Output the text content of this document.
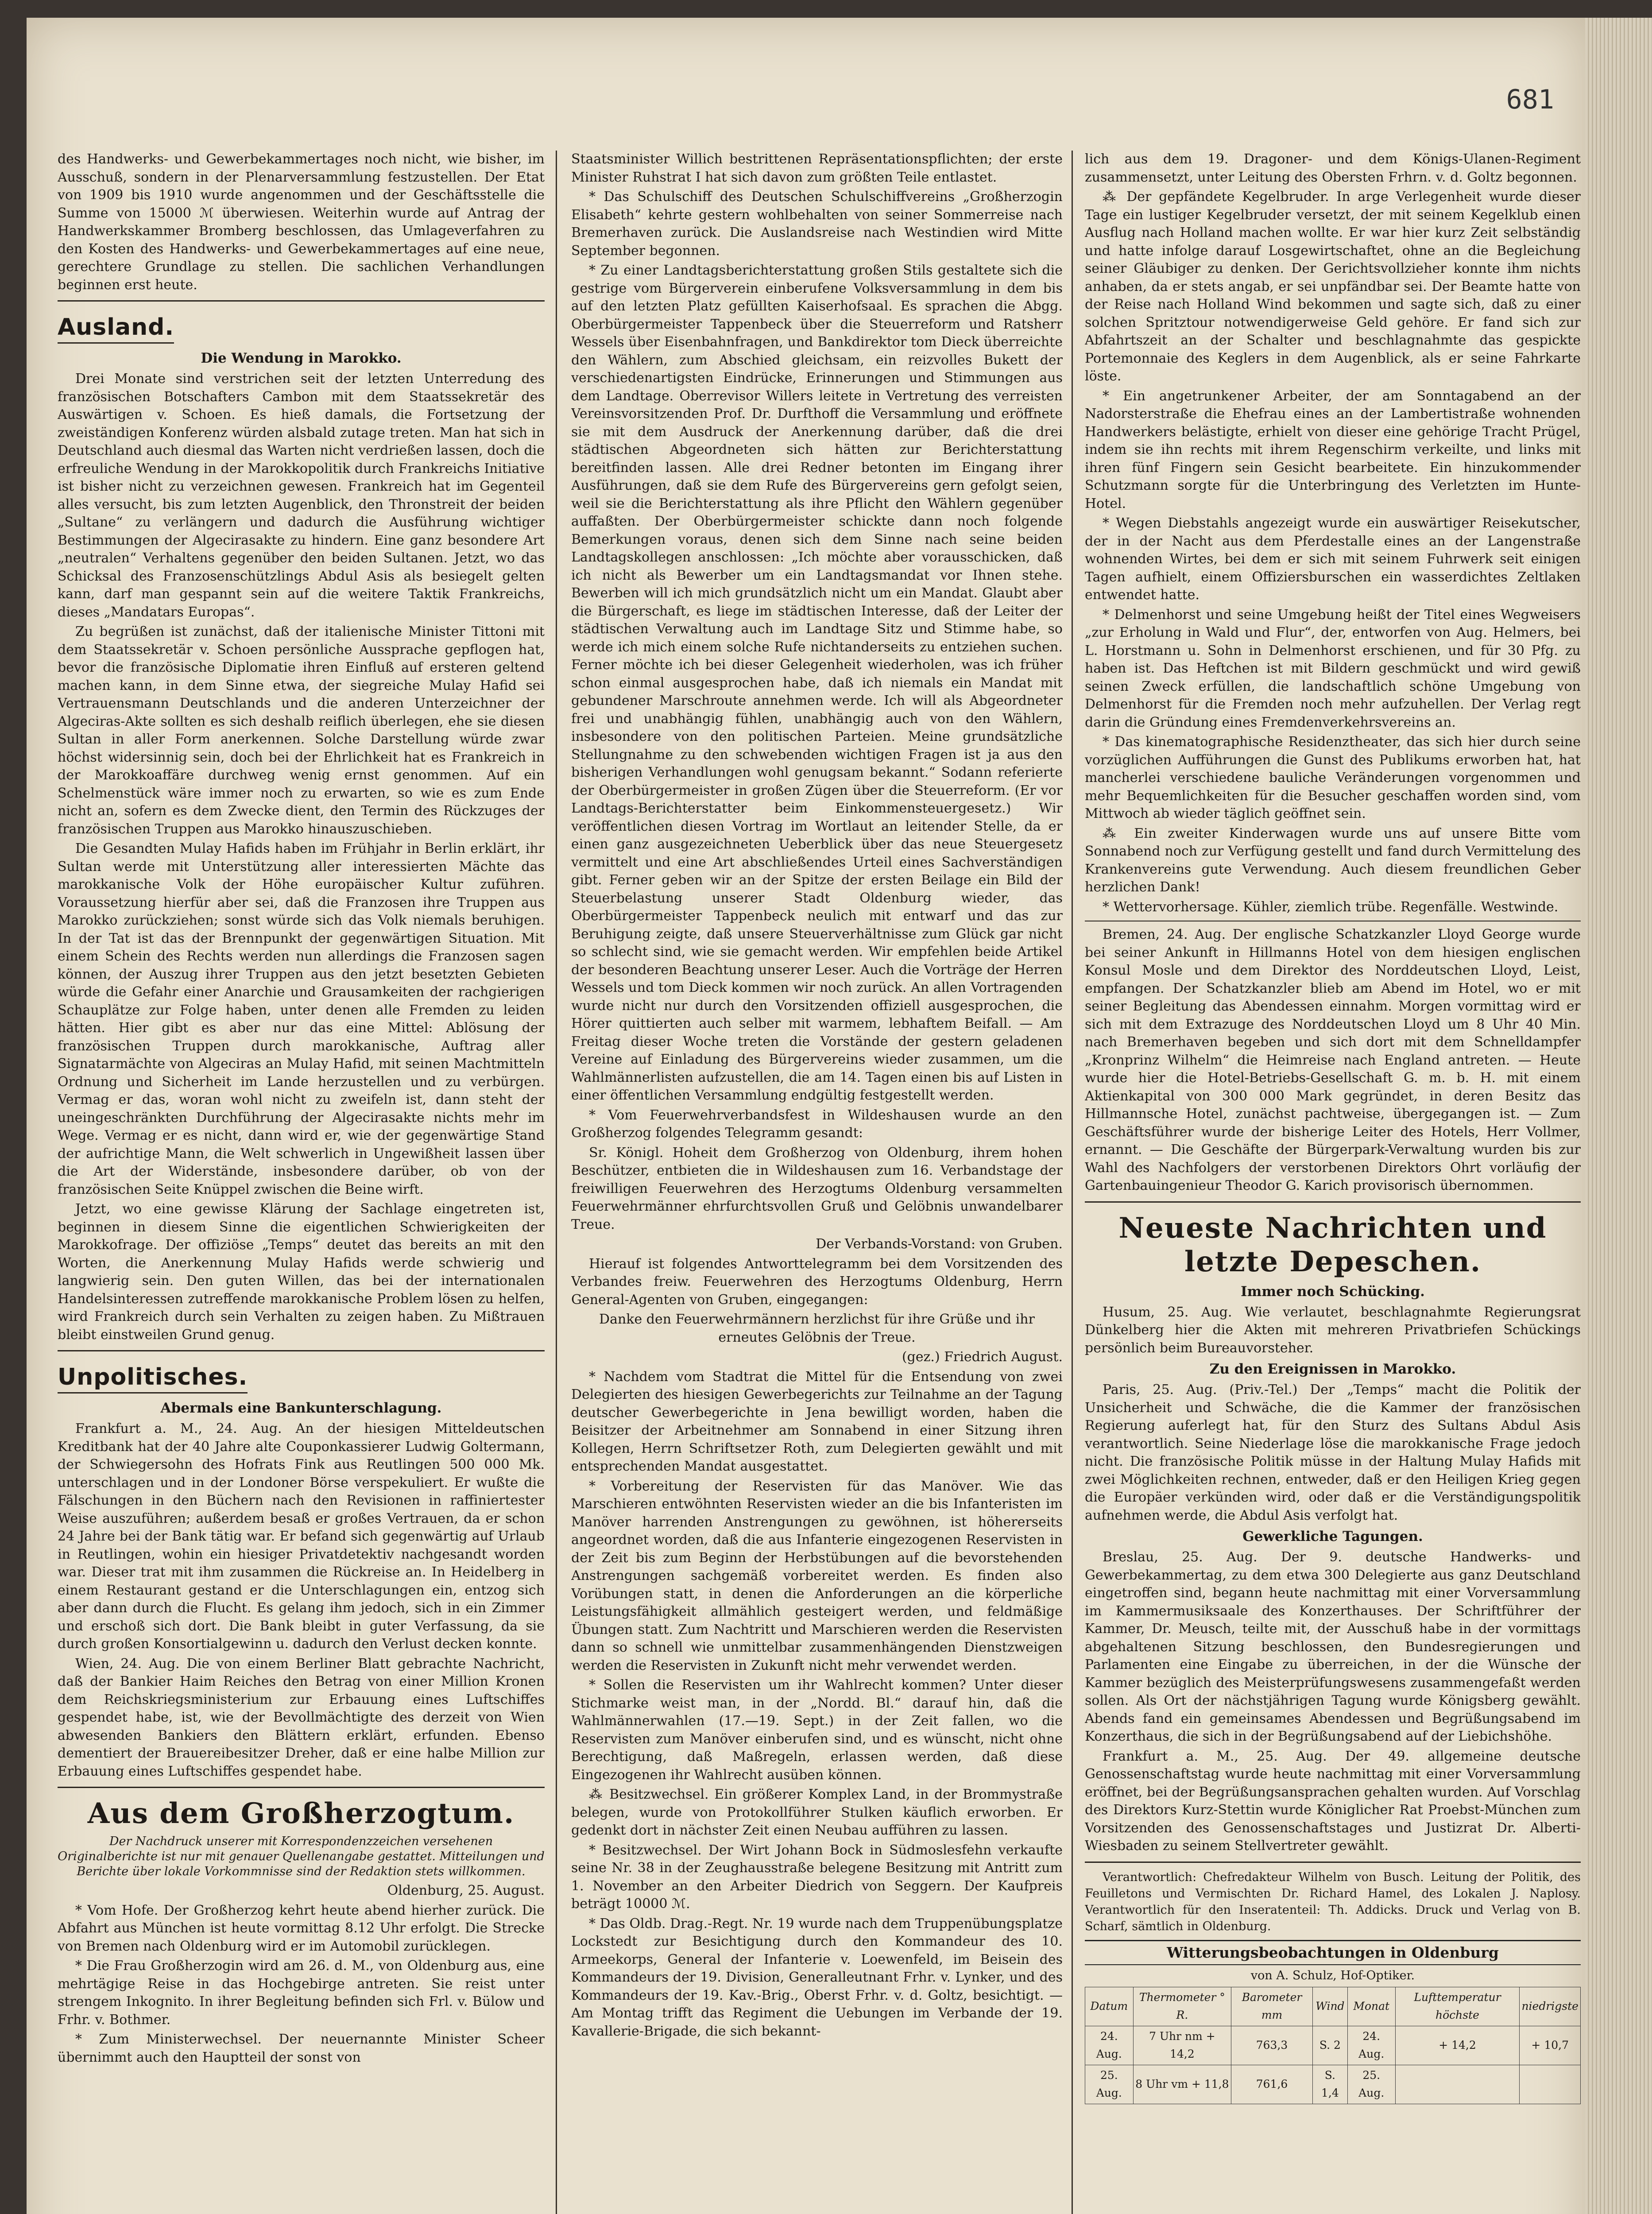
681

des Handwerks- und Gewerbekammertages noch nicht, wie bisher, im Ausschuß, sondern in der Plenarversammlung festzustellen. Der Etat von 1909 bis 1910 wurde angenommen und der Geschäftsstelle die Summe von 15000 ℳ überwiesen. Weiterhin wurde auf Antrag der Handwerkskammer Bromberg beschlossen, das Umlageverfahren zu den Kosten des Handwerks- und Gewerbekammertages auf eine neue, gerechtere Grundlage zu stellen. Die sachlichen Verhandlungen beginnen erst heute.

Ausland.
Die Wendung in Marokko.

Drei Monate sind verstrichen seit der letzten Unterredung des französischen Botschafters Cambon mit dem Staatssekretär des Auswärtigen v. Schoen. Es hieß damals, die Fortsetzung der zweiständigen Konferenz würden alsbald zutage treten. Man hat sich in Deutschland auch diesmal das Warten nicht verdrießen lassen, doch die erfreuliche Wendung in der Marokkopolitik durch Frankreichs Initiative ist bisher nicht zu verzeichnen gewesen. Frankreich hat im Gegenteil alles versucht, bis zum letzten Augenblick, den Thronstreit der beiden „Sultane“ zu verlängern und dadurch die Ausführung wichtiger Bestimmungen der Algecirasakte zu hindern. Eine ganz besondere Art „neutralen“ Verhaltens gegenüber den beiden Sultanen. Jetzt, wo das Schicksal des Franzosenschützlings Abdul Asis als besiegelt gelten kann, darf man gespannt sein auf die weitere Taktik Frankreichs, dieses „Mandatars Europas“.

Zu begrüßen ist zunächst, daß der italienische Minister Tittoni mit dem Staatssekretär v. Schoen persönliche Aussprache gepflogen hat, bevor die französische Diplomatie ihren Einfluß auf ersteren geltend machen kann, in dem Sinne etwa, der siegreiche Mulay Hafid sei Vertrauensmann Deutschlands und die anderen Unterzeichner der Algeciras-Akte sollten es sich deshalb reiflich überlegen, ehe sie diesen Sultan in aller Form anerkennen. Solche Darstellung würde zwar höchst widersinnig sein, doch bei der Ehrlichkeit hat es Frankreich in der Marokkoaffäre durchweg wenig ernst genommen. Auf ein Schelmenstück wäre immer noch zu erwarten, so wie es zum Ende nicht an, sofern es dem Zwecke dient, den Termin des Rückzuges der französischen Truppen aus Marokko hinauszuschieben.

Die Gesandten Mulay Hafids haben im Frühjahr in Berlin erklärt, ihr Sultan werde mit Unterstützung aller interessierten Mächte das marokkanische Volk der Höhe europäischer Kultur zuführen. Voraussetzung hierfür aber sei, daß die Franzosen ihre Truppen aus Marokko zurückziehen; sonst würde sich das Volk niemals beruhigen. In der Tat ist das der Brennpunkt der gegenwärtigen Situation. Mit einem Schein des Rechts werden nun allerdings die Franzosen sagen können, der Auszug ihrer Truppen aus den jetzt besetzten Gebieten würde die Gefahr einer Anarchie und Grausamkeiten der rachgierigen Schauplätze zur Folge haben, unter denen alle Fremden zu leiden hätten. Hier gibt es aber nur das eine Mittel: Ablösung der französischen Truppen durch marokkanische, Auftrag aller Signatarmächte von Algeciras an Mulay Hafid, mit seinen Machtmitteln Ordnung und Sicherheit im Lande herzustellen und zu verbürgen. Vermag er das, woran wohl nicht zu zweifeln ist, dann steht der uneingeschränkten Durchführung der Algecirasakte nichts mehr im Wege. Vermag er es nicht, dann wird er, wie der gegenwärtige Stand der aufrichtige Mann, die Welt schwerlich in Ungewißheit lassen über die Art der Widerstände, insbesondere darüber, ob von der französischen Seite Knüppel zwischen die Beine wirft.

Jetzt, wo eine gewisse Klärung der Sachlage eingetreten ist, beginnen in diesem Sinne die eigentlichen Schwierigkeiten der Marokkofrage. Der offiziöse „Temps“ deutet das bereits an mit den Worten, die Anerkennung Mulay Hafids werde schwierig und langwierig sein. Den guten Willen, das bei der internationalen Handelsinteressen zutreffende marokkanische Problem lösen zu helfen, wird Frankreich durch sein Verhalten zu zeigen haben. Zu Mißtrauen bleibt einstweilen Grund genug.

Unpolitisches.
Abermals eine Bankunterschlagung.

Frankfurt a. M., 24. Aug. An der hiesigen Mitteldeutschen Kreditbank hat der 40 Jahre alte Couponkassierer Ludwig Goltermann, der Schwiegersohn des Hofrats Fink aus Reutlingen 500 000 Mk. unterschlagen und in der Londoner Börse verspekuliert. Er wußte die Fälschungen in den Büchern nach den Revisionen in raffiniertester Weise auszuführen; außerdem besaß er großes Vertrauen, da er schon 24 Jahre bei der Bank tätig war. Er befand sich gegenwärtig auf Urlaub in Reutlingen, wohin ein hiesiger Privatdetektiv nachgesandt worden war. Dieser trat mit ihm zusammen die Rückreise an. In Heidelberg in einem Restaurant gestand er die Unterschlagungen ein, entzog sich aber dann durch die Flucht. Es gelang ihm jedoch, sich in ein Zimmer und erschoß sich dort. Die Bank bleibt in guter Verfassung, da sie durch großen Konsortialgewinn u. dadurch den Verlust decken konnte.

Wien, 24. Aug. Die von einem Berliner Blatt gebrachte Nachricht, daß der Bankier Haim Reiches den Betrag von einer Million Kronen dem Reichskriegsministerium zur Erbauung eines Luftschiffes gespendet habe, ist, wie der Bevollmächtigte des derzeit von Wien abwesenden Bankiers den Blättern erklärt, erfunden. Ebenso dementiert der Brauereibesitzer Dreher, daß er eine halbe Million zur Erbauung eines Luftschiffes gespendet habe.

Aus dem Großherzogtum.
Der Nachdruck unserer mit Korrespondenzzeichen versehenen Originalberichte ist nur mit genauer Quellenangabe gestattet. Mitteilungen und Berichte über lokale Vorkommnisse sind der Redaktion stets willkommen.

Oldenburg, 25. August.

* Vom Hofe. Der Großherzog kehrt heute abend hierher zurück. Die Abfahrt aus München ist heute vormittag 8.12 Uhr erfolgt. Die Strecke von Bremen nach Oldenburg wird er im Automobil zurücklegen.

* Die Frau Großherzogin wird am 26. d. M., von Oldenburg aus, eine mehrtägige Reise in das Hochgebirge antreten. Sie reist unter strengem Inkognito. In ihrer Begleitung befinden sich Frl. v. Bülow und Frhr. v. Bothmer.

* Zum Ministerwechsel. Der neuernannte Minister Scheer übernimmt auch den Hauptteil der sonst von

Staatsminister Willich bestrittenen Repräsentationspflichten; der erste Minister Ruhstrat I hat sich davon zum größten Teile entlastet.

* Das Schulschiff des Deutschen Schulschiffvereins „Großherzogin Elisabeth“ kehrte gestern wohlbehalten von seiner Sommerreise nach Bremerhaven zurück. Die Auslandsreise nach Westindien wird Mitte September begonnen.

* Zu einer Landtagsberichterstattung großen Stils gestaltete sich die gestrige vom Bürgerverein einberufene Volksversammlung in dem bis auf den letzten Platz gefüllten Kaiserhofsaal. Es sprachen die Abgg. Oberbürgermeister Tappenbeck über die Steuerreform und Ratsherr Wessels über Eisenbahnfragen, und Bankdirektor tom Dieck überreichte den Wählern, zum Abschied gleichsam, ein reizvolles Bukett der verschiedenartigsten Eindrücke, Erinnerungen und Stimmungen aus dem Landtage. Oberrevisor Willers leitete in Vertretung des verreisten Vereinsvorsitzenden Prof. Dr. Durfthoff die Versammlung und eröffnete sie mit dem Ausdruck der Anerkennung darüber, daß die drei städtischen Abgeordneten sich hätten zur Berichterstattung bereitfinden lassen. Alle drei Redner betonten im Eingang ihrer Ausführungen, daß sie dem Rufe des Bürgervereins gern gefolgt seien, weil sie die Berichterstattung als ihre Pflicht den Wählern gegenüber auffaßten. Der Oberbürgermeister schickte dann noch folgende Bemerkungen voraus, denen sich dem Sinne nach seine beiden Landtagskollegen anschlossen: „Ich möchte aber vorausschicken, daß ich nicht als Bewerber um ein Landtagsmandat vor Ihnen stehe. Bewerben will ich mich grundsätzlich nicht um ein Mandat. Glaubt aber die Bürgerschaft, es liege im städtischen Interesse, daß der Leiter der städtischen Verwaltung auch im Landtage Sitz und Stimme habe, so werde ich mich einem solche Rufe nichtanderseits zu entziehen suchen. Ferner möchte ich bei dieser Gelegenheit wiederholen, was ich früher schon einmal ausgesprochen habe, daß ich niemals ein Mandat mit gebundener Marschroute annehmen werde. Ich will als Abgeordneter frei und unabhängig fühlen, unabhängig auch von den Wählern, insbesondere von den politischen Parteien. Meine grundsätzliche Stellungnahme zu den schwebenden wichtigen Fragen ist ja aus den bisherigen Verhandlungen wohl genugsam bekannt.“ Sodann referierte der Oberbürgermeister in großen Zügen über die Steuerreform. (Er vor Landtags-Berichterstatter beim Einkommensteuergesetz.) Wir veröffentlichen diesen Vortrag im Wortlaut an leitender Stelle, da er einen ganz ausgezeichneten Ueberblick über das neue Steuergesetz vermittelt und eine Art abschließendes Urteil eines Sachverständigen gibt. Ferner geben wir an der Spitze der ersten Beilage ein Bild der Steuerbelastung unserer Stadt Oldenburg wieder, das Oberbürgermeister Tappenbeck neulich mit entwarf und das zur Beruhigung zeigte, daß unsere Steuerverhältnisse zum Glück gar nicht so schlecht sind, wie sie gemacht werden. Wir empfehlen beide Artikel der besonderen Beachtung unserer Leser. Auch die Vorträge der Herren Wessels und tom Dieck kommen wir noch zurück. An allen Vortragenden wurde nicht nur durch den Vorsitzenden offiziell ausgesprochen, die Hörer quittierten auch selber mit warmem, lebhaftem Beifall. — Am Freitag dieser Woche treten die Vorstände der gestern geladenen Vereine auf Einladung des Bürgervereins wieder zusammen, um die Wahlmännerlisten aufzustellen, die am 14. Tagen einen bis auf Listen in einer öffentlichen Versammlung endgültig festgestellt werden.

* Vom Feuerwehrverbandsfest in Wildeshausen wurde an den Großherzog folgendes Telegramm gesandt:

Sr. Königl. Hoheit dem Großherzog von Oldenburg, ihrem hohen Beschützer, entbieten die in Wildeshausen zum 16. Verbandstage der freiwilligen Feuerwehren des Herzogtums Oldenburg versammelten Feuerwehrmänner ehrfurchtsvollen Gruß und Gelöbnis unwandelbarer Treue.

Der Verbands-Vorstand: von Gruben.

Hierauf ist folgendes Antworttelegramm bei dem Vorsitzenden des Verbandes freiw. Feuerwehren des Herzogtums Oldenburg, Herrn General-Agenten von Gruben, eingegangen:

Danke den Feuerwehrmännern herzlichst für ihre Grüße und ihr erneutes Gelöbnis der Treue.

(gez.) Friedrich August.

* Nachdem vom Stadtrat die Mittel für die Entsendung von zwei Delegierten des hiesigen Gewerbegerichts zur Teilnahme an der Tagung deutscher Gewerbegerichte in Jena bewilligt worden, haben die Beisitzer der Arbeitnehmer am Sonnabend in einer Sitzung ihren Kollegen, Herrn Schriftsetzer Roth, zum Delegierten gewählt und mit entsprechenden Mandat ausgestattet.

* Vorbereitung der Reservisten für das Manöver. Wie das Marschieren entwöhnten Reservisten wieder an die bis Infanteristen im Manöver harrenden Anstrengungen zu gewöhnen, ist höhererseits angeordnet worden, daß die aus Infanterie eingezogenen Reservisten in der Zeit bis zum Beginn der Herbstübungen auf die bevorstehenden Anstrengungen sachgemäß vorbereitet werden. Es finden also Vorübungen statt, in denen die Anforderungen an die körperliche Leistungsfähigkeit allmählich gesteigert werden, und feldmäßige Übungen statt. Zum Nachtritt und Marschieren werden die Reservisten dann so schnell wie unmittelbar zusammenhängenden Dienstzweigen werden die Reservisten in Zukunft nicht mehr verwendet werden.

* Sollen die Reservisten um ihr Wahlrecht kommen? Unter dieser Stichmarke weist man, in der „Nordd. Bl.“ darauf hin, daß die Wahlmännerwahlen (17.—19. Sept.) in der Zeit fallen, wo die Reservisten zum Manöver einberufen sind, und es wünscht, nicht ohne Berechtigung, daß Maßregeln, erlassen werden, daß diese Eingezogenen ihr Wahlrecht ausüben können.

⁂ Besitzwechsel. Ein größerer Komplex Land, in der Brommystraße belegen, wurde von Protokollführer Stulken käuflich erworben. Er gedenkt dort in nächster Zeit einen Neubau aufführen zu lassen.

* Besitzwechsel. Der Wirt Johann Bock in Südmoslesfehn verkaufte seine Nr. 38 in der Zeughausstraße belegene Besitzung mit Antritt zum 1. November an den Arbeiter Diedrich von Seggern. Der Kaufpreis beträgt 10000 ℳ.

* Das Oldb. Drag.-Regt. Nr. 19 wurde nach dem Truppenübungsplatze Lockstedt zur Besichtigung durch den Kommandeur des 10. Armeekorps, General der Infanterie v. Loewenfeld, im Beisein des Kommandeurs der 19. Division, Generalleutnant Frhr. v. Lynker, und des Kommandeurs der 19. Kav.-Brig., Oberst Frhr. v. d. Goltz, besichtigt. — Am Montag trifft das Regiment die Uebungen im Verbande der 19. Kavallerie-Brigade, die sich bekannt-

lich aus dem 19. Dragoner- und dem Königs-Ulanen-Regiment zusammensetzt, unter Leitung des Obersten Frhrn. v. d. Goltz begonnen.

⁂ Der gepfändete Kegelbruder. In arge Verlegenheit wurde dieser Tage ein lustiger Kegelbruder versetzt, der mit seinem Kegelklub einen Ausflug nach Holland machen wollte. Er war hier kurz Zeit selbständig und hatte infolge darauf Losgewirtschaftet, ohne an die Begleichung seiner Gläubiger zu denken. Der Gerichtsvollzieher konnte ihm nichts anhaben, da er stets angab, er sei unpfändbar sei. Der Beamte hatte von der Reise nach Holland Wind bekommen und sagte sich, daß zu einer solchen Spritztour notwendigerweise Geld gehöre. Er fand sich zur Abfahrtszeit an der Schalter und beschlagnahmte das gespickte Portemonnaie des Keglers in dem Augenblick, als er seine Fahrkarte löste.

* Ein angetrunkener Arbeiter, der am Sonntagabend an der Nadorsterstraße die Ehefrau eines an der Lambertistraße wohnenden Handwerkers belästigte, erhielt von dieser eine gehörige Tracht Prügel, indem sie ihn rechts mit ihrem Regenschirm verkeilte, und links mit ihren fünf Fingern sein Gesicht bearbeitete. Ein hinzukommender Schutzmann sorgte für die Unterbringung des Verletzten im Hunte-Hotel.

* Wegen Diebstahls angezeigt wurde ein auswärtiger Reisekutscher, der in der Nacht aus dem Pferdestalle eines an der Langenstraße wohnenden Wirtes, bei dem er sich mit seinem Fuhrwerk seit einigen Tagen aufhielt, einem Offiziersburschen ein wasserdichtes Zeltlaken entwendet hatte.

* Delmenhorst und seine Umgebung heißt der Titel eines Wegweisers „zur Erholung in Wald und Flur“, der, entworfen von Aug. Helmers, bei L. Horstmann u. Sohn in Delmenhorst erschienen, und für 30 Pfg. zu haben ist. Das Heftchen ist mit Bildern geschmückt und wird gewiß seinen Zweck erfüllen, die landschaftlich schöne Umgebung von Delmenhorst für die Fremden noch mehr aufzuhellen. Der Verlag regt darin die Gründung eines Fremdenverkehrsvereins an.

* Das kinematographische Residenztheater, das sich hier durch seine vorzüglichen Aufführungen die Gunst des Publikums erworben hat, hat mancherlei verschiedene bauliche Veränderungen vorgenommen und mehr Bequemlichkeiten für die Besucher geschaffen worden sind, vom Mittwoch ab wieder täglich geöffnet sein.

⁂ Ein zweiter Kinderwagen wurde uns auf unsere Bitte vom Sonnabend noch zur Verfügung gestellt und fand durch Vermittelung des Krankenvereins gute Verwendung. Auch diesem freundlichen Geber herzlichen Dank!

* Wettervorhersage. Kühler, ziemlich trübe. Regenfälle. Westwinde.

Bremen, 24. Aug. Der englische Schatzkanzler Lloyd George wurde bei seiner Ankunft in Hillmanns Hotel von dem hiesigen englischen Konsul Mosle und dem Direktor des Norddeutschen Lloyd, Leist, empfangen. Der Schatzkanzler blieb am Abend im Hotel, wo er mit seiner Begleitung das Abendessen einnahm. Morgen vormittag wird er sich mit dem Extrazuge des Norddeutschen Lloyd um 8 Uhr 40 Min. nach Bremerhaven begeben und sich dort mit dem Schnelldampfer „Kronprinz Wilhelm“ die Heimreise nach England antreten. — Heute wurde hier die Hotel-Betriebs-Gesellschaft G. m. b. H. mit einem Aktienkapital von 300 000 Mark gegründet, in deren Besitz das Hillmannsche Hotel, zunächst pachtweise, übergegangen ist. — Zum Geschäftsführer wurde der bisherige Leiter des Hotels, Herr Vollmer, ernannt. — Die Geschäfte der Bürgerpark-Verwaltung wurden bis zur Wahl des Nachfolgers der verstorbenen Direktors Ohrt vorläufig der Gartenbauingenieur Theodor G. Karich provisorisch übernommen.

Neueste Nachrichten und letzte Depeschen.
Immer noch Schücking.

Husum, 25. Aug. Wie verlautet, beschlagnahmte Regierungsrat Dünkelberg hier die Akten mit mehreren Privatbriefen Schückings persönlich beim Bureauvorsteher.

Zu den Ereignissen in Marokko.

Paris, 25. Aug. (Priv.-Tel.) Der „Temps“ macht die Politik der Unsicherheit und Schwäche, die die Kammer der französischen Regierung auferlegt hat, für den Sturz des Sultans Abdul Asis verantwortlich. Seine Niederlage löse die marokkanische Frage jedoch nicht. Die französische Politik müsse in der Haltung Mulay Hafids mit zwei Möglichkeiten rechnen, entweder, daß er den Heiligen Krieg gegen die Europäer verkünden wird, oder daß er die Verständigungspolitik aufnehmen werde, die Abdul Asis verfolgt hat.

Gewerkliche Tagungen.

Breslau, 25. Aug. Der 9. deutsche Handwerks- und Gewerbekammertag, zu dem etwa 300 Delegierte aus ganz Deutschland eingetroffen sind, begann heute nachmittag mit einer Vorversammlung im Kammermusiksaale des Konzerthauses. Der Schriftführer der Kammer, Dr. Meusch, teilte mit, der Ausschuß habe in der vormittags abgehaltenen Sitzung beschlossen, den Bundesregierungen und Parlamenten eine Eingabe zu überreichen, in der die Wünsche der Kammer bezüglich des Meisterprüfungswesens zusammengefaßt werden sollen. Als Ort der nächstjährigen Tagung wurde Königsberg gewählt. Abends fand ein gemeinsames Abendessen und Begrüßungsabend im Konzerthaus, die sich in der Begrüßungsabend auf der Liebichshöhe.

Frankfurt a. M., 25. Aug. Der 49. allgemeine deutsche Genossenschaftstag wurde heute nachmittag mit einer Vorversammlung eröffnet, bei der Begrüßungsansprachen gehalten wurden. Auf Vorschlag des Direktors Kurz-Stettin wurde Königlicher Rat Proebst-München zum Vorsitzenden des Genossenschaftstages und Justizrat Dr. Alberti-Wiesbaden zu seinem Stellvertreter gewählt.

Verantwortlich: Chefredakteur Wilhelm von Busch. Leitung der Politik, des Feuilletons und Vermischten Dr. Richard Hamel, des Lokalen J. Naplosy. Verantwortlich für den Inseratenteil: Th. Addicks. Druck und Verlag von B. Scharf, sämtlich in Oldenburg.

Witterungsbeobachtungen in Oldenburg
von A. Schulz, Hof-Optiker.
Datum	Thermometer ° R.	Barometer mm	Wind	Monat	Lufttemperatur höchste	niedrigste
24. Aug.	7 Uhr nm + 14,2	763,3	S. 2	24. Aug.	+ 14,2	+ 10,7
25. Aug.	8 Uhr vm + 11,8	761,6	S. 1,4	25. Aug.		
